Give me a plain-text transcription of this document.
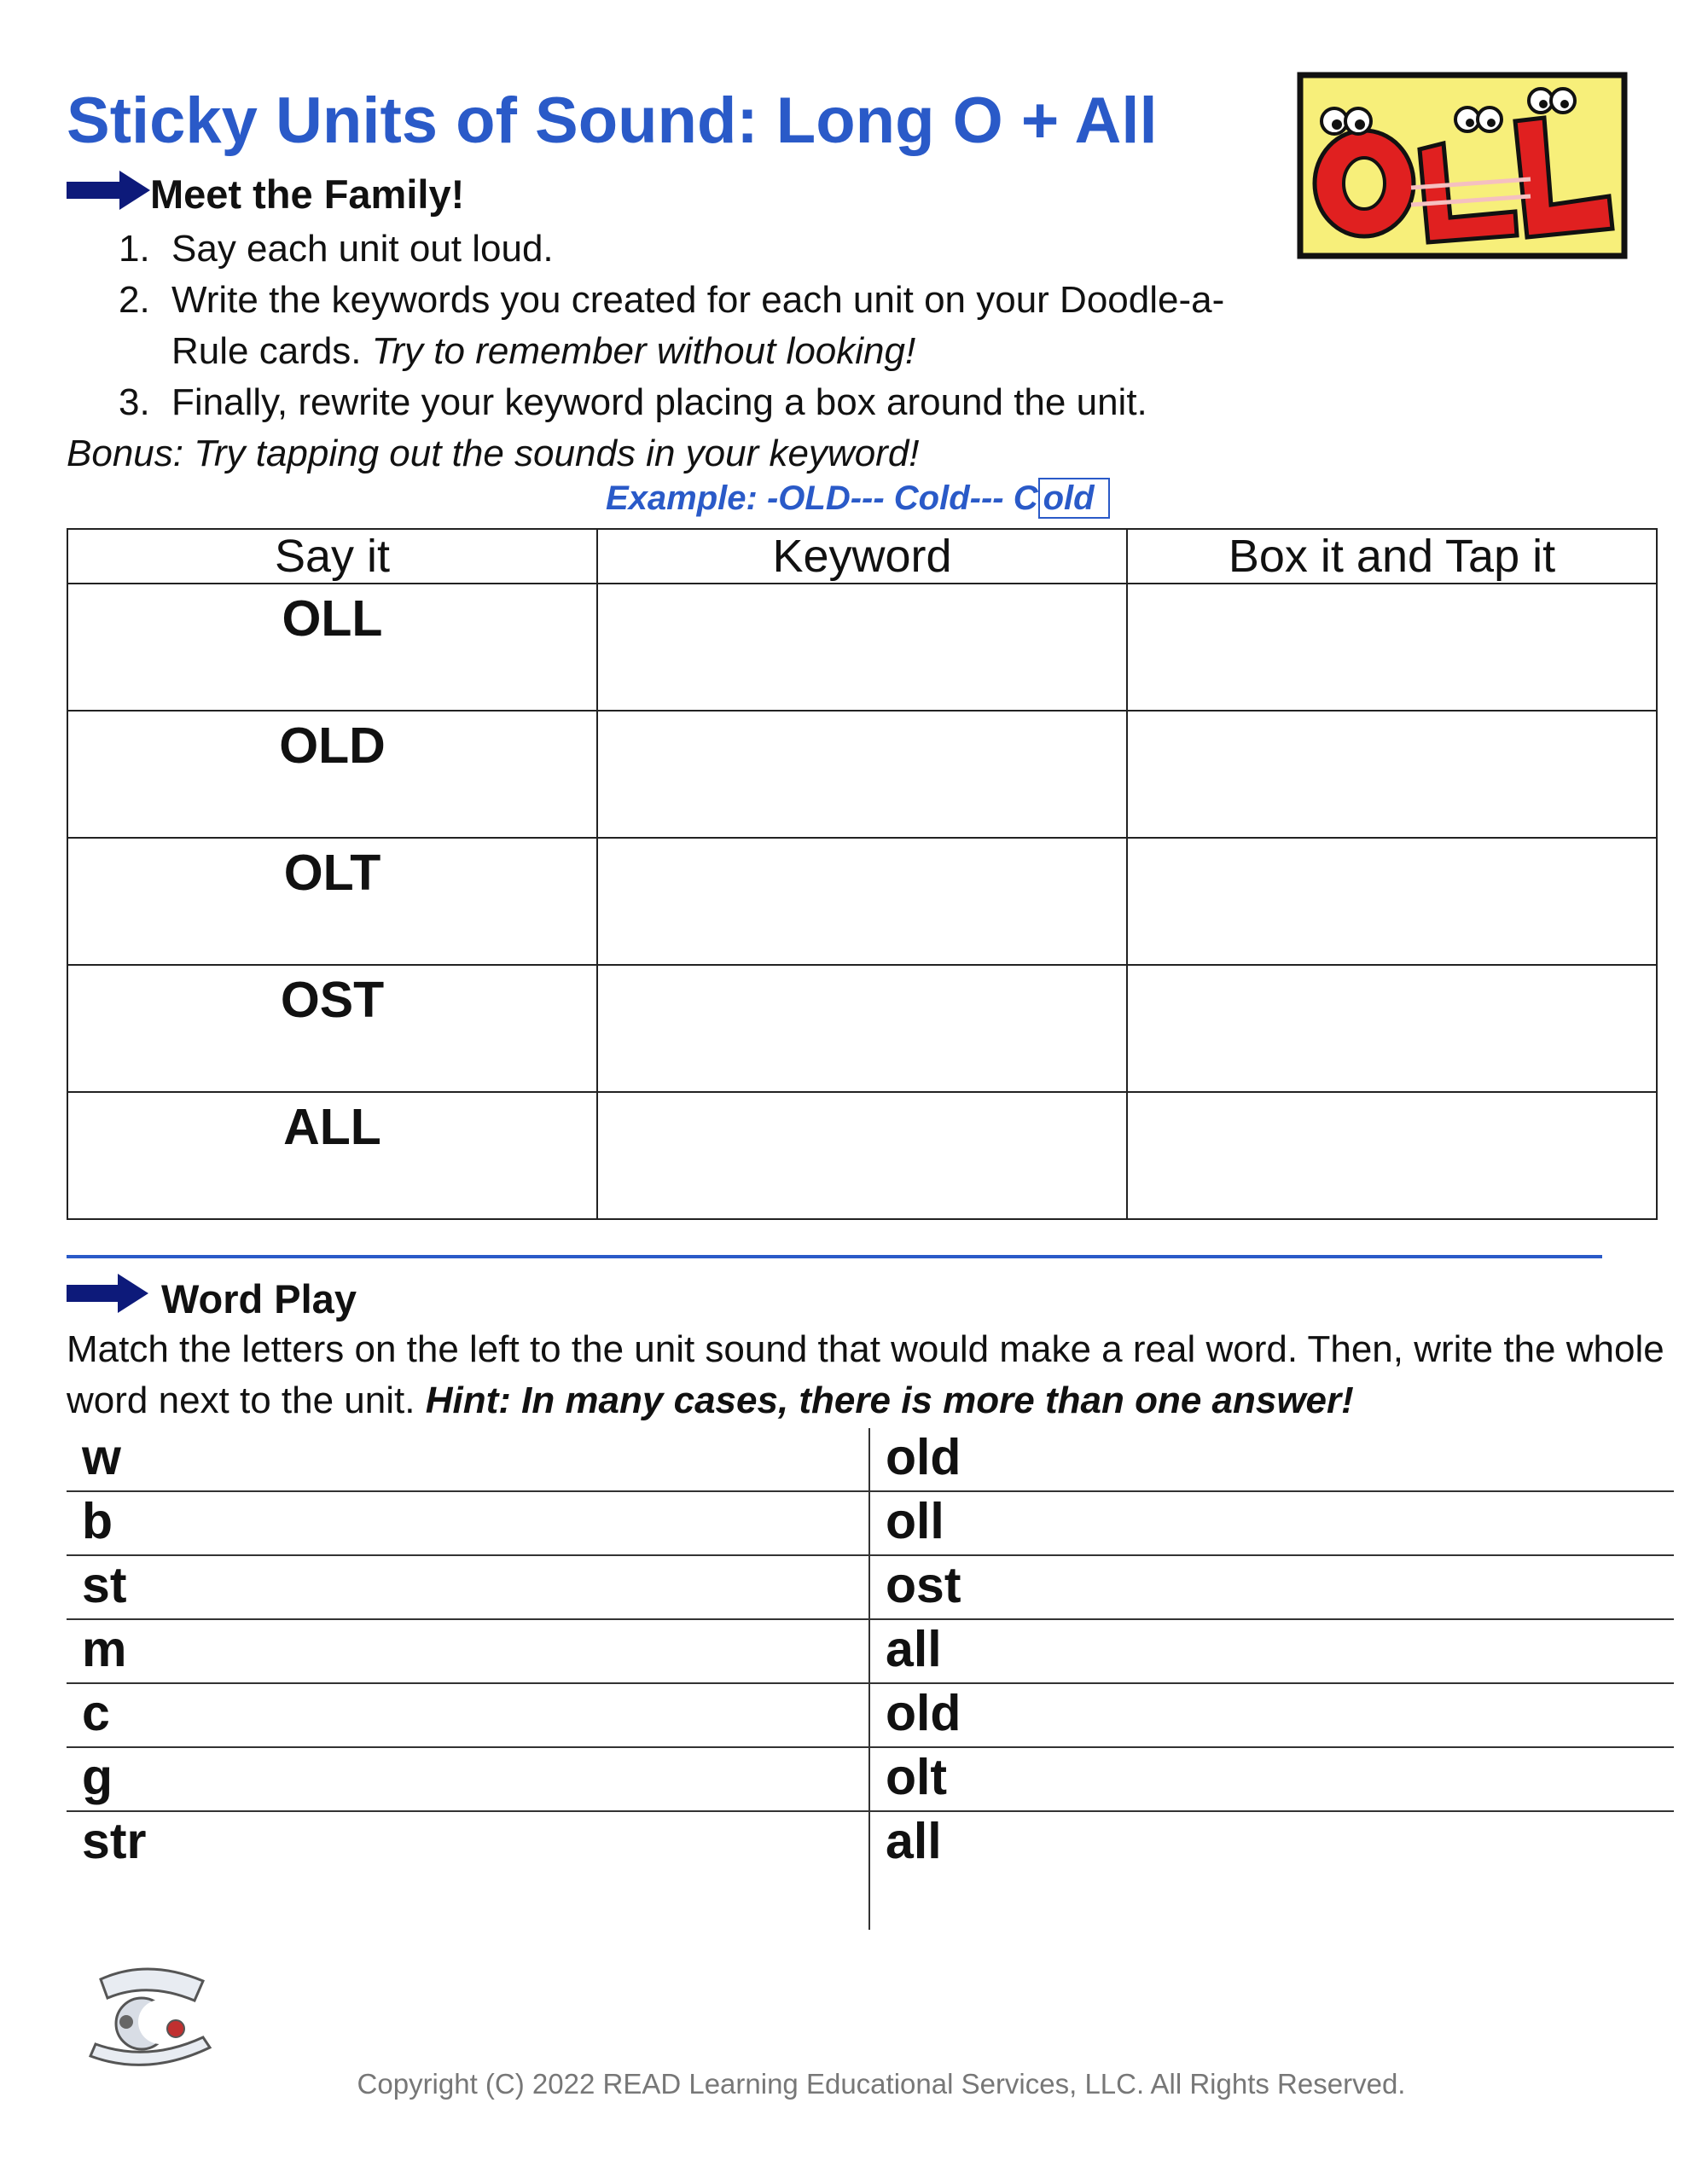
Sticky Units of Sound: Long O + All
Meet the Family!
1. Say each unit out loud.
2. Write the keywords you created for each unit on your Doodle-a-
Rule cards. Try to remember without looking!
3. Finally, rewrite your keyword placing a box around the unit.
Bonus: Try tapping out the sounds in your keyword!
Example: -OLD--- Cold--- C old
Say it	Keyword	Box it and Tap it
OLL		
OLD		
OLT		
OST		
ALL		
Word Play
Match the letters on the left to the unit sound that would make a real word. Then, write the whole word next to the unit. Hint: In many cases, there is more than one answer!
w	old
b	oll
st	ost
m	all
c	old
g	olt
str	all
Copyright (C) 2022 READ Learning Educational Services, LLC. All Rights Reserved.
